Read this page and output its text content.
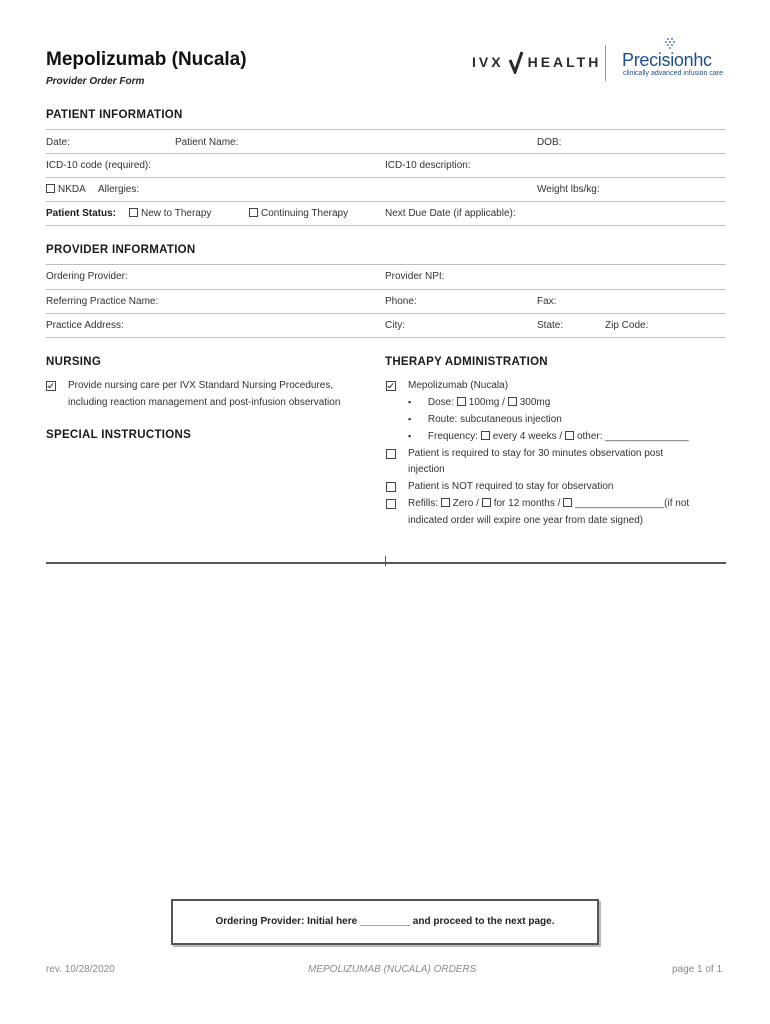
Mepolizumab (Nucala)
Provider Order Form
IVX HEALTH Precisionhc
clinically advanced infusion care
PATIENT INFORMATION
Date:	Patient Name:	DOB:
ICD-10 code (required):	ICD-10 description:
NKDA Allergies:	Weight lbs/kg:
Patient Status:	New to Therapy	Continuing Therapy	Next Due Date (if applicable):
PROVIDER INFORMATION
Ordering Provider:	Provider NPI:
Referring Practice Name:	Phone:	Fax:
Practice Address:	City:	State:	Zip Code:
NURSING
Provide nursing care per IVX Standard Nursing Procedures,
including reaction management and post-infusion observation
SPECIAL INSTRUCTIONS
THERAPY ADMINISTRATION
Mepolizumab (Nucala)
▪ Dose: 100mg / 300mg
▪ Route: subcutaneous injection
▪ Frequency: every 4 weeks / other: _______________
Patient is required to stay for 30 minutes observation post
injection
Patient is NOT required to stay for observation
Refills: Zero / for 12 months / ________________(if not
indicated order will expire one year from date signed)
Ordering Provider: Initial here _________ and proceed to the next page.
rev. 10/28/2020	MEPOLIZUMAB (NUCALA) ORDERS	page 1 of 1
